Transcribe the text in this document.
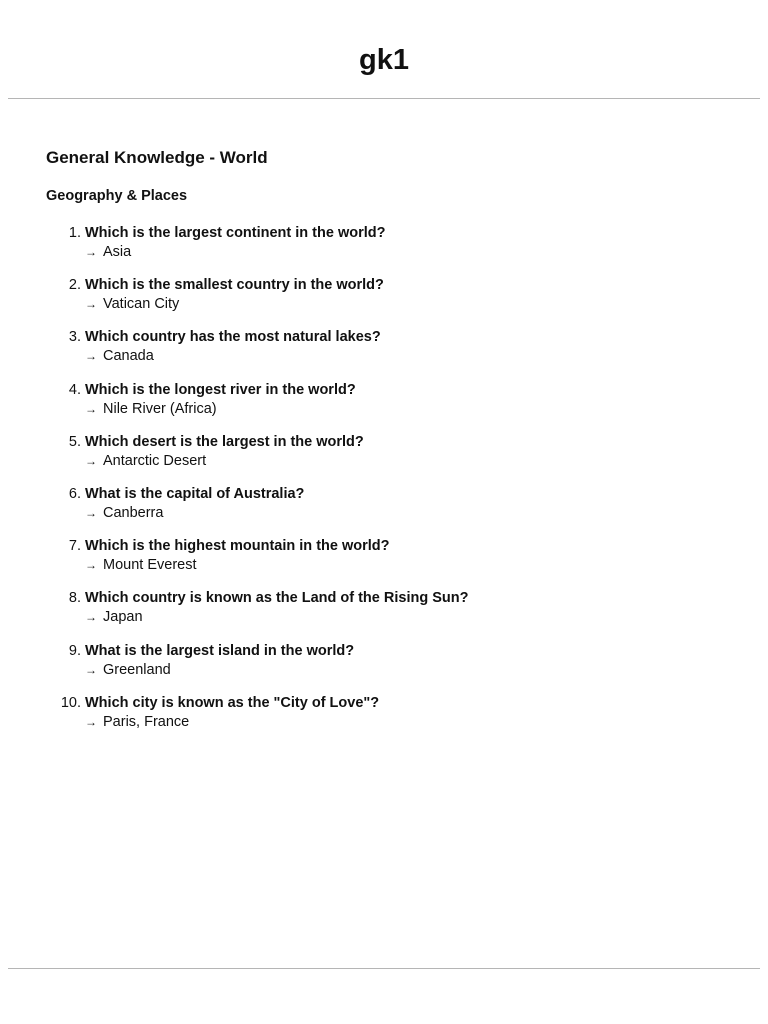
gk1
General Knowledge - World
Geography & Places
1. Which is the largest continent in the world?
→ Asia
2. Which is the smallest country in the world?
→ Vatican City
3. Which country has the most natural lakes?
→ Canada
4. Which is the longest river in the world?
→ Nile River (Africa)
5. Which desert is the largest in the world?
→ Antarctic Desert
6. What is the capital of Australia?
→ Canberra
7. Which is the highest mountain in the world?
→ Mount Everest
8. Which country is known as the Land of the Rising Sun?
→ Japan
9. What is the largest island in the world?
→ Greenland
10. Which city is known as the "City of Love"?
→ Paris, France
